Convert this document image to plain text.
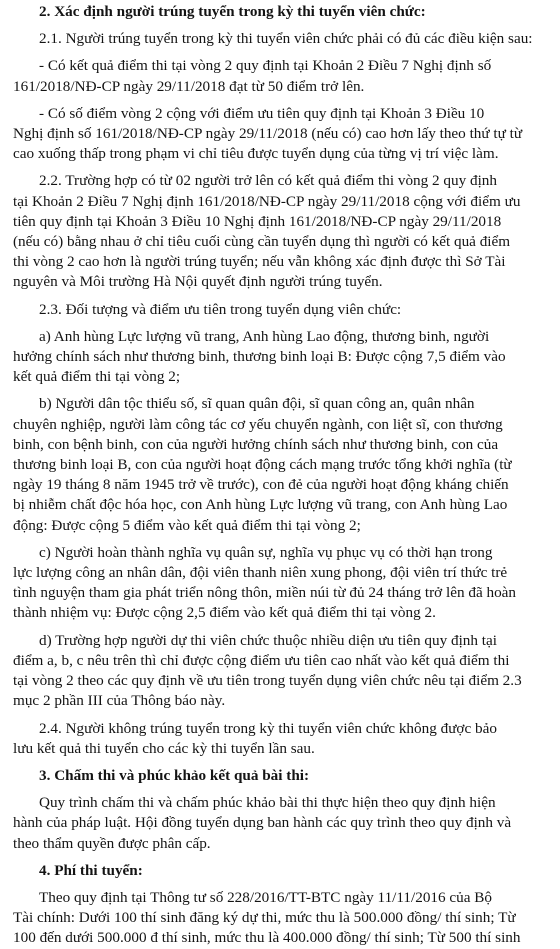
2. Xác định người trúng tuyển trong kỳ thi tuyển viên chức:
2.1. Người trúng tuyển trong kỳ thi tuyển viên chức phải có đủ các điều kiện sau:
- Có kết quả điểm thi tại vòng 2 quy định tại Khoản 2 Điều 7 Nghị định số
161/2018/NĐ-CP ngày 29/11/2018 đạt từ 50 điểm trở lên.
- Có số điểm vòng 2 cộng với điểm ưu tiên quy định tại Khoản 3 Điều 10
Nghị định số 161/2018/NĐ-CP ngày 29/11/2018 (nếu có) cao hơn lấy theo thứ tự từ
cao xuống thấp trong phạm vi chỉ tiêu được tuyển dụng của từng vị trí việc làm.
2.2. Trường hợp có từ 02 người trở lên có kết quả điểm thi vòng 2 quy định
tại Khoản 2 Điều 7 Nghị định 161/2018/NĐ-CP ngày 29/11/2018 cộng với điểm ưu
tiên quy định tại Khoản 3 Điều 10 Nghị định 161/2018/NĐ-CP ngày 29/11/2018
(nếu có) bằng nhau ở chỉ tiêu cuối cùng cần tuyển dụng thì người có kết quả điểm
thi vòng 2 cao hơn là người trúng tuyển; nếu vẫn không xác định được thì Sở Tài
nguyên và Môi trường Hà Nội quyết định người trúng tuyển.
2.3. Đối tượng và điểm ưu tiên trong tuyển dụng viên chức:
a) Anh hùng Lực lượng vũ trang, Anh hùng Lao động, thương binh, người
hưởng chính sách như thương binh, thương binh loại B: Được cộng 7,5 điểm vào
kết quả điểm thi tại vòng 2;
b) Người dân tộc thiểu số, sĩ quan quân đội, sĩ quan công an, quân nhân
chuyên nghiệp, người làm công tác cơ yếu chuyển ngành, con liệt sĩ, con thương
binh, con bệnh binh, con của người hưởng chính sách như thương binh, con của
thương binh loại B, con của người hoạt động cách mạng trước tổng khởi nghĩa (từ
ngày 19 tháng 8 năm 1945 trở về trước), con đẻ của người hoạt động kháng chiến
bị nhiễm chất độc hóa học, con Anh hùng Lực lượng vũ trang, con Anh hùng Lao
động: Được cộng 5 điểm vào kết quả điểm thi tại vòng 2;
c) Người hoàn thành nghĩa vụ quân sự, nghĩa vụ phục vụ có thời hạn trong
lực lượng công an nhân dân, đội viên thanh niên xung phong, đội viên trí thức trẻ
tình nguyện tham gia phát triển nông thôn, miền núi từ đủ 24 tháng trở lên đã hoàn
thành nhiệm vụ: Được cộng 2,5 điểm vào kết quả điểm thi tại vòng 2.
d) Trường hợp người dự thi viên chức thuộc nhiều diện ưu tiên quy định tại
điểm a, b, c nêu trên thì chỉ được cộng điểm ưu tiên cao nhất vào kết quả điểm thi
tại vòng 2 theo các quy định về ưu tiên trong tuyển dụng viên chức nêu tại điểm 2.3
mục 2 phần III của Thông báo này.
2.4. Người không trúng tuyển trong kỳ thi tuyển viên chức không được bảo
lưu kết quả thi tuyển cho các kỳ thi tuyển lần sau.
3. Chấm thi và phúc khảo kết quả bài thi:
Quy trình chấm thi và chấm phúc khảo bài thi thực hiện theo quy định hiện
hành của pháp luật. Hội đồng tuyển dụng ban hành các quy trình theo quy định và
theo thẩm quyền được phân cấp.
4. Phí thi tuyển:
Theo quy định tại Thông tư số 228/2016/TT-BTC ngày 11/11/2016 của Bộ
Tài chính: Dưới 100 thí sinh đăng ký dự thi, mức thu là 500.000 đồng/ thí sinh; Từ
100 đến dưới 500.000 đ thí sinh, mức thu là 400.000 đồng/ thí sinh; Từ 500 thí sinh
